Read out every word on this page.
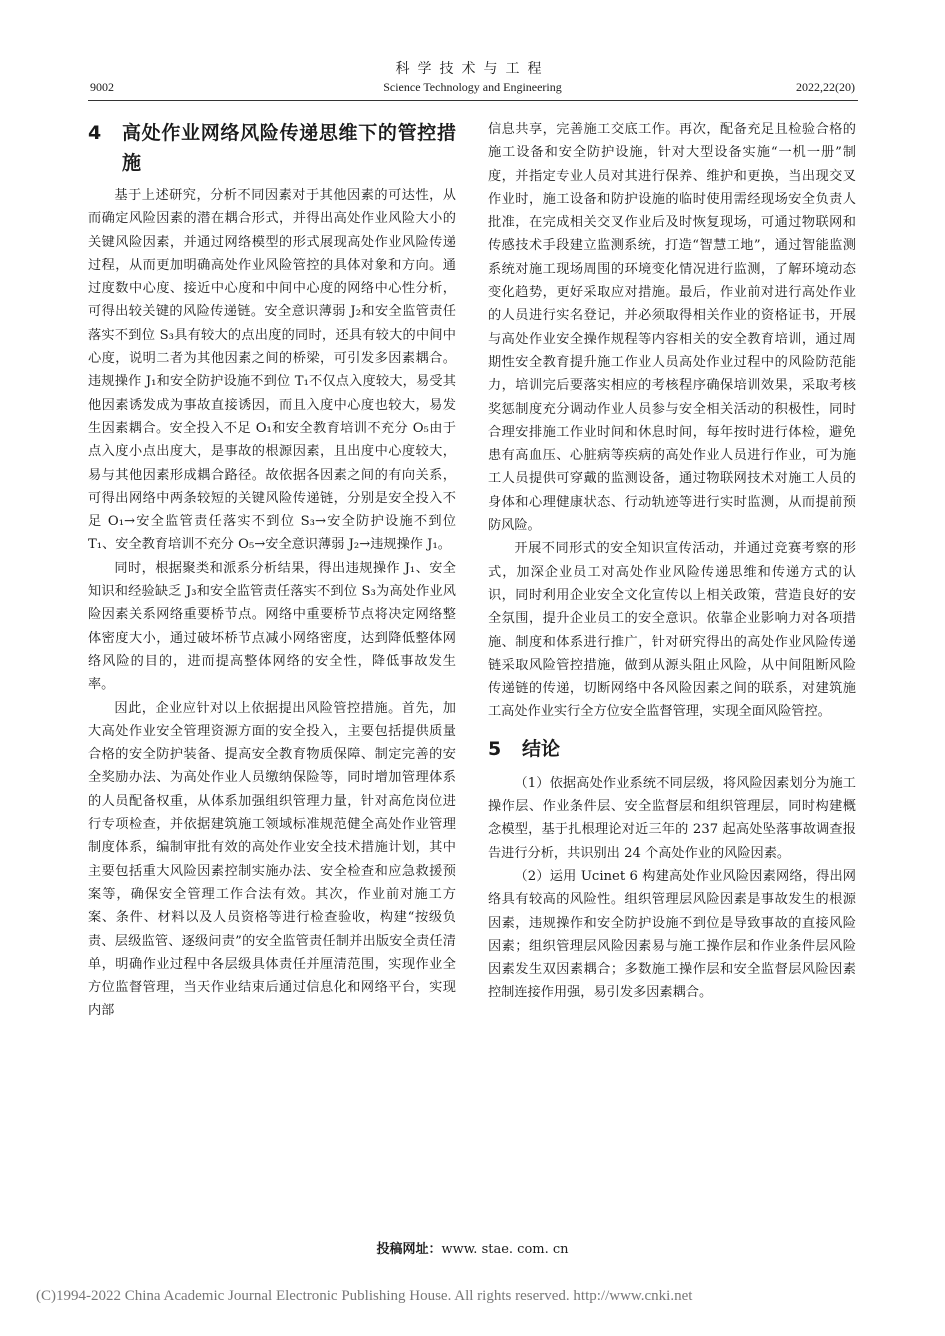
科学技术与工程
9002	Science Technology and Engineering	2022,22(20)
4	高处作业网络风险传递思维下的管控措施

基于上述研究，分析不同因素对于其他因素的可达性，从而确定风险因素的潜在耦合形式，并得出高处作业风险大小的关键风险因素，并通过网络模型的形式展现高处作业风险传递过程，从而更加明确高处作业风险管控的具体对象和方向。通过度数中心度、接近中心度和中间中心度的网络中心性分析，可得出较关键的风险传递链。安全意识薄弱 J₂和安全监管责任落实不到位 S₃具有较大的点出度的同时，还具有较大的中间中心度，说明二者为其他因素之间的桥梁，可引发多因素耦合。违规操作 J₁和安全防护设施不到位 T₁不仅点入度较大，易受其他因素诱发成为事故直接诱因，而且入度中心度也较大，易发生因素耦合。安全投入不足 O₁和安全教育培训不充分 O₅由于点入度小点出度大，是事故的根源因素，且出度中心度较大，易与其他因素形成耦合路径。故依据各因素之间的有向关系，可得出网络中两条较短的关键风险传递链，分别是安全投入不足 O₁→安全监管责任落实不到位 S₃→安全防护设施不到位 T₁、安全教育培训不充分 O₅→安全意识薄弱 J₂→违规操作 J₁。

同时，根据聚类和派系分析结果，得出违规操作 J₁、安全知识和经验缺乏 J₃和安全监管责任落实不到位 S₃为高处作业风险因素关系网络重要桥节点。网络中重要桥节点将决定网络整体密度大小，通过破坏桥节点减小网络密度，达到降低整体网络风险的目的，进而提高整体网络的安全性，降低事故发生率。

因此，企业应针对以上依据提出风险管控措施。首先，加大高处作业安全管理资源方面的安全投入，主要包括提供质量合格的安全防护装备、提高安全教育物质保障、制定完善的安全奖励办法、为高处作业人员缴纳保险等，同时增加管理体系的人员配备权重，从体系加强组织管理力量，针对高危岗位进行专项检查，并依据建筑施工领域标准规范健全高处作业管理制度体系，编制审批有效的高处作业安全技术措施计划，其中主要包括重大风险因素控制实施办法、安全检查和应急救援预案等，确保安全管理工作合法有效。其次，作业前对施工方案、条件、材料以及人员资格等进行检查验收，构建“按级负责、层级监管、逐级问责”的安全监管责任制并出版安全责任清单，明确作业过程中各层级具体责任并厘清范围，实现作业全方位监督管理，当天作业结束后通过信息化和网络平台，实现内部

信息共享，完善施工交底工作。再次，配备充足且检验合格的施工设备和安全防护设施，针对大型设备实施“一机一册”制度，并指定专业人员对其进行保养、维护和更换，当出现交叉作业时，施工设备和防护设施的临时使用需经现场安全负责人批准，在完成相关交叉作业后及时恢复现场，可通过物联网和传感技术手段建立监测系统，打造“智慧工地”，通过智能监测系统对施工现场周围的环境变化情况进行监测，了解环境动态变化趋势，更好采取应对措施。最后，作业前对进行高处作业的人员进行实名登记，并必须取得相关作业的资格证书，开展与高处作业安全操作规程等内容相关的安全教育培训，通过周期性安全教育提升施工作业人员高处作业过程中的风险防范能力，培训完后要落实相应的考核程序确保培训效果，采取考核奖惩制度充分调动作业人员参与安全相关活动的积极性，同时合理安排施工作业时间和休息时间，每年按时进行体检，避免患有高血压、心脏病等疾病的高处作业人员进行作业，可为施工人员提供可穿戴的监测设备，通过物联网技术对施工人员的身体和心理健康状态、行动轨迹等进行实时监测，从而提前预防风险。

开展不同形式的安全知识宣传活动，并通过竞赛考察的形式，加深企业员工对高处作业风险传递思维和传递方式的认识，同时利用企业安全文化宣传以上相关政策，营造良好的安全氛围，提升企业员工的安全意识。依靠企业影响力对各项措施、制度和体系进行推广，针对研究得出的高处作业风险传递链采取风险管控措施，做到从源头阻止风险，从中间阻断风险传递链的传递，切断网络中各风险因素之间的联系，对建筑施工高处作业实行全方位安全监督管理，实现全面风险管控。

5	结论

（1）依据高处作业系统不同层级，将风险因素划分为施工操作层、作业条件层、安全监督层和组织管理层，同时构建概念模型，基于扎根理论对近三年的 237 起高处坠落事故调查报告进行分析，共识别出 24 个高处作业的风险因素。

（2）运用 Ucinet 6 构建高处作业风险因素网络，得出网络具有较高的风险性。组织管理层风险因素是事故发生的根源因素，违规操作和安全防护设施不到位是导致事故的直接风险因素；组织管理层风险因素易与施工操作层和作业条件层风险因素发生双因素耦合；多数施工操作层和安全监督层风险因素控制连接作用强，易引发多因素耦合。

投稿网址：www. stae. com. cn
(C)1994-2022 China Academic Journal Electronic Publishing House. All rights reserved. http://www.cnki.net
